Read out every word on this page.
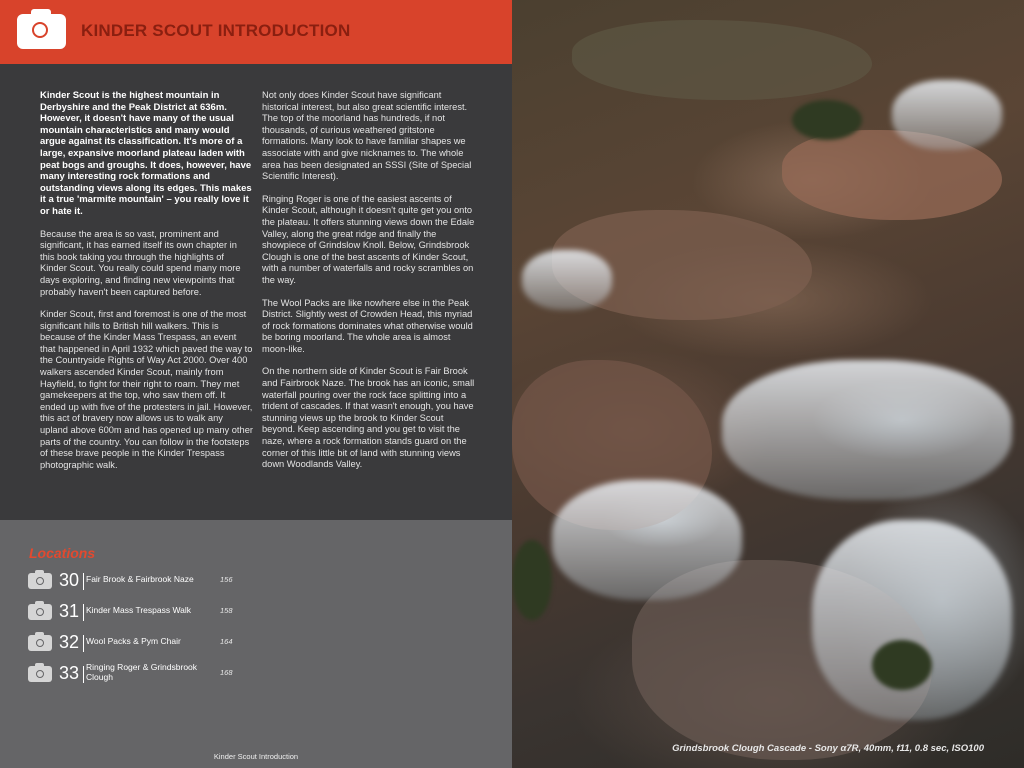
KINDER SCOUT INTRODUCTION

Kinder Scout is the highest mountain in Derbyshire and the Peak District at 636m. However, it doesn't have many of the usual mountain characteristics and many would argue against its classification. It's more of a large, expansive moorland plateau laden with peat bogs and groughs. It does, however, have many interesting rock formations and outstanding views along its edges. This makes it a true 'marmite mountain' – you really love it or hate it.

Because the area is so vast, prominent and significant, it has earned itself its own chapter in this book taking you through the highlights of Kinder Scout. You really could spend many more days exploring, and finding new viewpoints that probably haven't been captured before.

Kinder Scout, first and foremost is one of the most significant hills to British hill walkers. This is because of the Kinder Mass Trespass, an event that happened in April 1932 which paved the way to the Countryside Rights of Way Act 2000. Over 400 walkers ascended Kinder Scout, mainly from Hayfield, to fight for their right to roam. They met gamekeepers at the top, who saw them off. It ended up with five of the protesters in jail. However, this act of bravery now allows us to walk any upland above 600m and has opened up many other parts of the country. You can follow in the footsteps of these brave people in the Kinder Trespass photographic walk.

Not only does Kinder Scout have significant historical interest, but also great scientific interest. The top of the moorland has hundreds, if not thousands, of curious weathered gritstone formations. Many look to have familiar shapes we associate with and give nicknames to. The whole area has been designated an SSSI (Site of Special Scientific Interest).

Ringing Roger is one of the easiest ascents of Kinder Scout, although it doesn't quite get you onto the plateau. It offers stunning views down the Edale Valley, along the great ridge and finally the showpiece of Grindslow Knoll. Below, Grindsbrook Clough is one of the best ascents of Kinder Scout, with a number of waterfalls and rocky scrambles on the way.

The Wool Packs are like nowhere else in the Peak District. Slightly west of Crowden Head, this myriad of rock formations dominates what otherwise would be boring moorland. The whole area is almost moon-like.

On the northern side of Kinder Scout is Fair Brook and Fairbrook Naze. The brook has an iconic, small waterfall pouring over the rock face splitting into a trident of cascades. If that wasn't enough, you have stunning views up the brook to Kinder Scout beyond. Keep ascending and you get to visit the naze, where a rock formation stands guard on the corner of this little bit of land with stunning views down Woodlands Valley.

Locations
30 Fair Brook & Fairbrook Naze	156
31 Kinder Mass Trespass Walk	158
32 Wool Packs & Pym Chair	164
33 Ringing Roger & Grindsbrook Clough	168
Kinder Scout Introduction
Grindsbrook Clough Cascade - Sony α7R, 40mm, f11, 0.8 sec, ISO100
